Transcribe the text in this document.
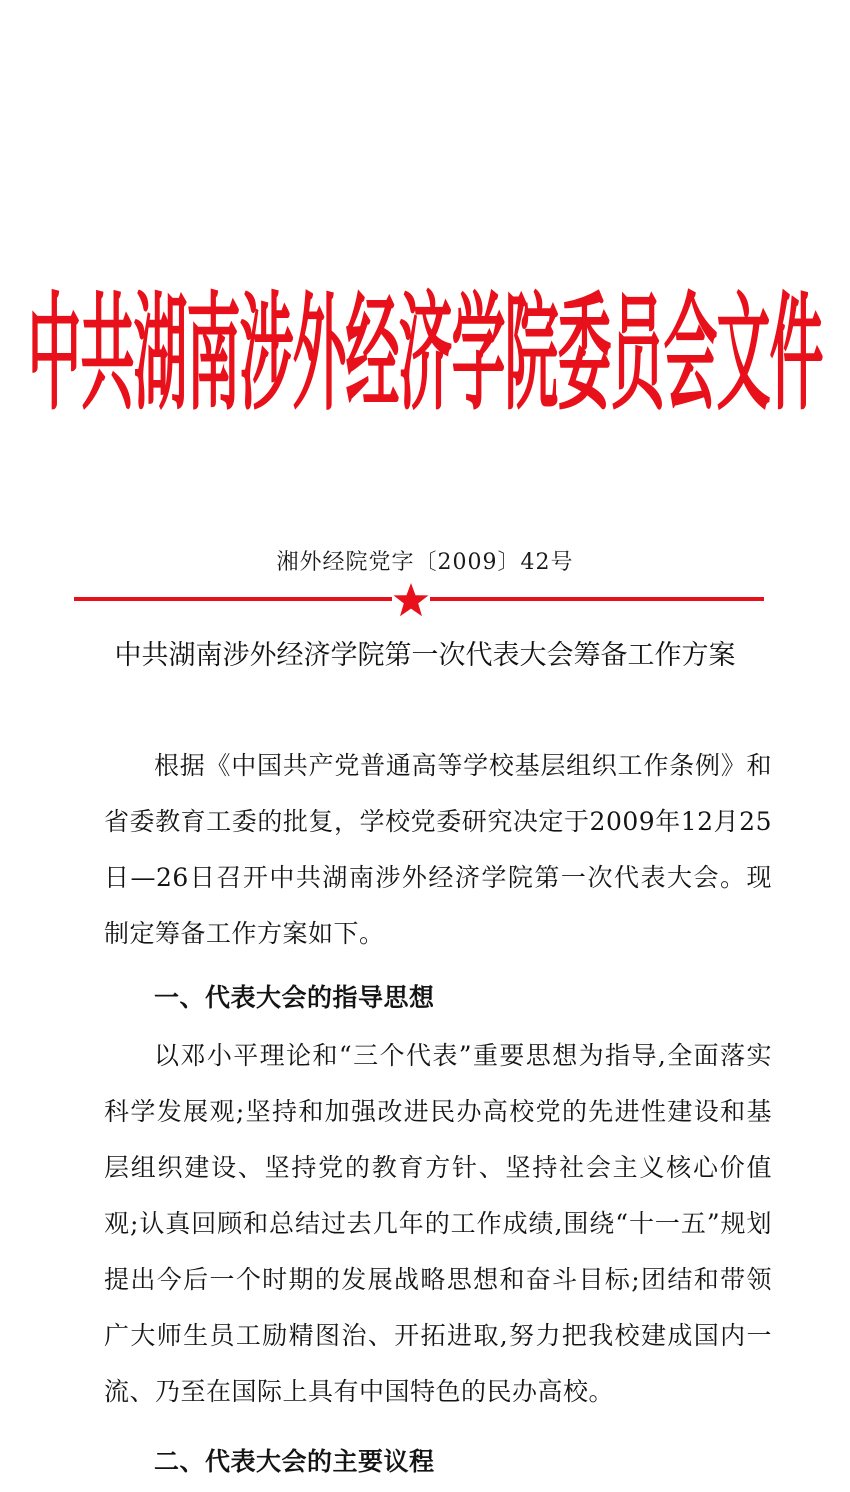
中共湖南涉外经济学院委员会文件
湘外经院党字〔2009〕42号
中共湖南涉外经济学院第一次代表大会筹备工作方案

根据《中国共产党普通高等学校基层组织工作条例》和省委教育工委的批复，学校党委研究决定于2009年12月25日—26日召开中共湖南涉外经济学院第一次代表大会。现制定筹备工作方案如下。

一、代表大会的指导思想

以邓小平理论和“三个代表”重要思想为指导,全面落实科学发展观;坚持和加强改进民办高校党的先进性建设和基层组织建设、坚持党的教育方针、坚持社会主义核心价值观;认真回顾和总结过去几年的工作成绩,围绕“十一五”规划提出今后一个时期的发展战略思想和奋斗目标;团结和带领广大师生员工励精图治、开拓进取,努力把我校建成国内一流、乃至在国际上具有中国特色的民办高校。

二、代表大会的主要议程
